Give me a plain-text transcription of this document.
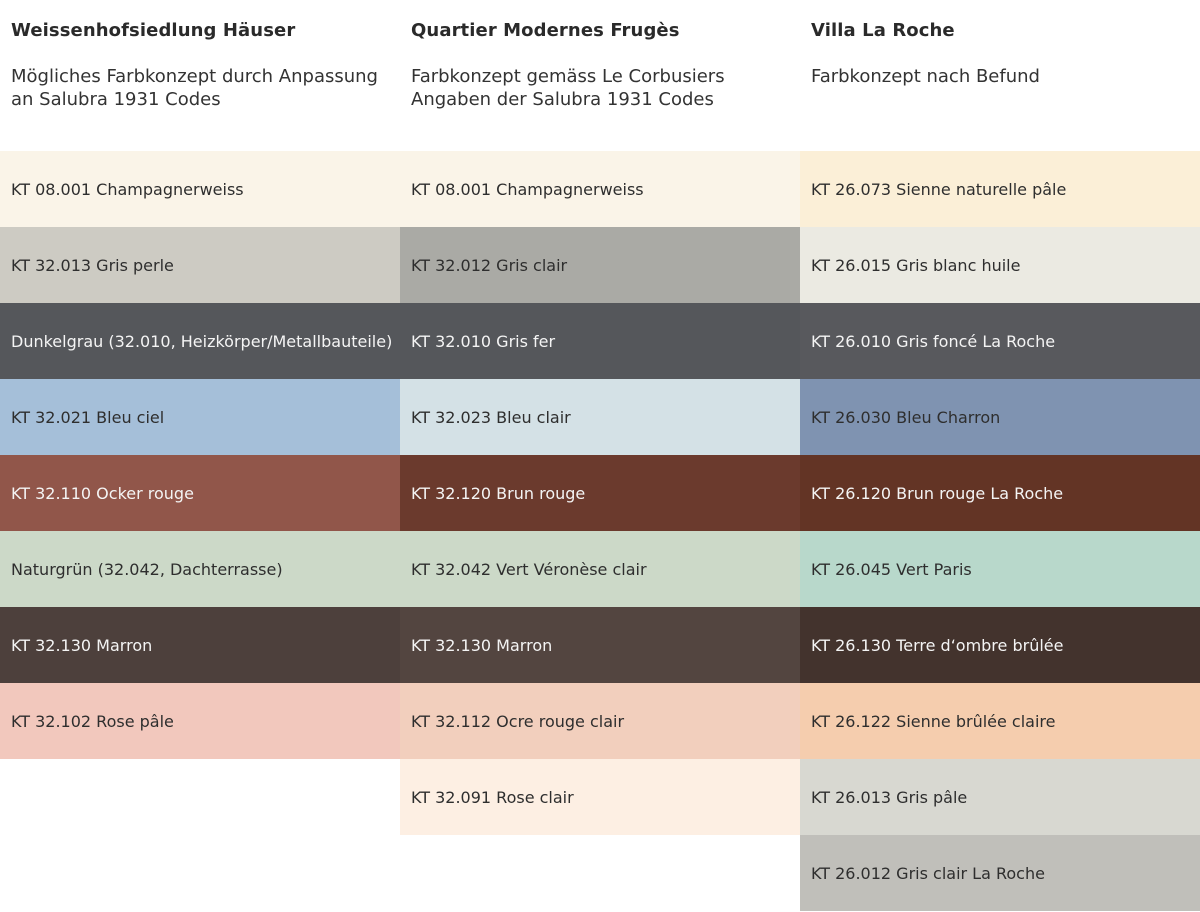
Weissenhofsiedlung Häuser

Mögliches Farbkonzept durch Anpassung
an Salubra 1931 Codes

KT 08.001 Champagnerweiss
KT 32.013 Gris perle
Dunkelgrau (32.010, Heizkörper/Metallbauteile)
KT 32.021 Bleu ciel
KT 32.110 Ocker rouge
Naturgrün (32.042, Dachterrasse)
KT 32.130 Marron
KT 32.102 Rose pâle
Quartier Modernes Frugès

Farbkonzept gemäss Le Corbusiers
Angaben der Salubra 1931 Codes

KT 08.001 Champagnerweiss
KT 32.012 Gris clair
KT 32.010 Gris fer
KT 32.023 Bleu clair
KT 32.120 Brun rouge
KT 32.042 Vert Véronèse clair
KT 32.130 Marron
KT 32.112 Ocre rouge clair
KT 32.091 Rose clair
Villa La Roche

Farbkonzept nach Befund

KT 26.073 Sienne naturelle pâle
KT 26.015 Gris blanc huile
KT 26.010 Gris foncé La Roche
KT 26.030 Bleu Charron
KT 26.120 Brun rouge La Roche
KT 26.045 Vert Paris
KT 26.130 Terre d‘ombre brûlée
KT 26.122 Sienne brûlée claire
KT 26.013 Gris pâle
KT 26.012 Gris clair La Roche
